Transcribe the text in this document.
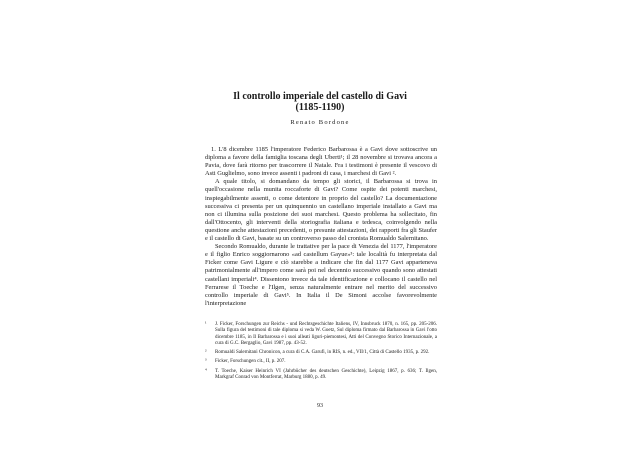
Il controllo imperiale del castello di Gavi
(1185-1190)
Renato Bordone

1. L'8 dicembre 1185 l'imperatore Federico Barbarossa è a Gavi dove sottoscrive un diploma a favore della famiglia toscana degli Uberti¹; il 28 novembre si trovava ancora a Pavia, dove farà ritorno per trascorrere il Natale. Fra i testimoni è presente il vescovo di Asti Guglielmo, sono invece assenti i padroni di casa, i marchesi di Gavi ².

A quale titolo, si domandano da tempo gli storici, il Barbarossa si trova in quell'occasione nella munita roccaforte di Gavi? Come ospite dei potenti marchesi, inspiegabilmente assenti, o come detentore in proprio del castello? La documentazione successiva ci presenta per un quinquennio un castellano imperiale installato a Gavi ma non ci illumina sulla posizione dei suoi marchesi. Questo problema ha sollecitato, fin dall'Ottocento, gli interventi della storiografia italiana e tedesca, coinvolgendo nella questione anche attestazioni precedenti, o presunte attestazioni, dei rapporti fra gli Staufer e il castello di Gavi, basate su un controverso passo del cronista Romualdo Salernitano.

Secondo Romualdo, durante le trattative per la pace di Venezia del 1177, l'imperatore e il figlio Enrico soggiornarono «ad castellum Gayue»³: tale località fu interpretata dal Ficker come Gavi Ligure e ciò starebbe a indicare che fin dal 1177 Gavi apparteneva patrimonialmente all'impero come sarà poi nel decennio successivo quando sono attestati castellani imperiali⁴. Dissentono invece da tale identificazione e collocano il castello nel Ferrarese il Toeche e l'Ilgen, senza naturalmente entrare nel merito del successivo controllo imperiale di Gavi⁵. In Italia il De Simoni accolse favorevolmente l'interpretazione

¹ J. Ficker, Forschungen zur Reichs - und Rechtsgeschichte Italiens, IV, Innsbruck 1870, n. 165, pp. 205-206. Sulla figura del testimoni di tale diploma si veda W. Goetz, Sul diploma firmato dal Barbarossa in Gavi l'otto dicembre 1185, in Il Barbarossa e i suoi alleati liguri-piemontesi, Atti del Convegno Storico Internazionale, a cura di G.C. Bergaglio, Gavi 1987, pp. 43-52.
² Romualdi Salernitani Chronicon, a cura di C.A. Garufi, in RIS, n. ed., VII/1, Città di Castello 1935, p. 292.
³ Ficker, Forschungen cit., II, p. 207.
⁴ T. Toeche, Kaiser Heinrich VI (Jahrbücher des deutschen Geschichte), Leipzig 1867, p. 636; T. Ilgen, Markgraf Conrad von Montferrat, Marburg 1880, p. 49.
93
